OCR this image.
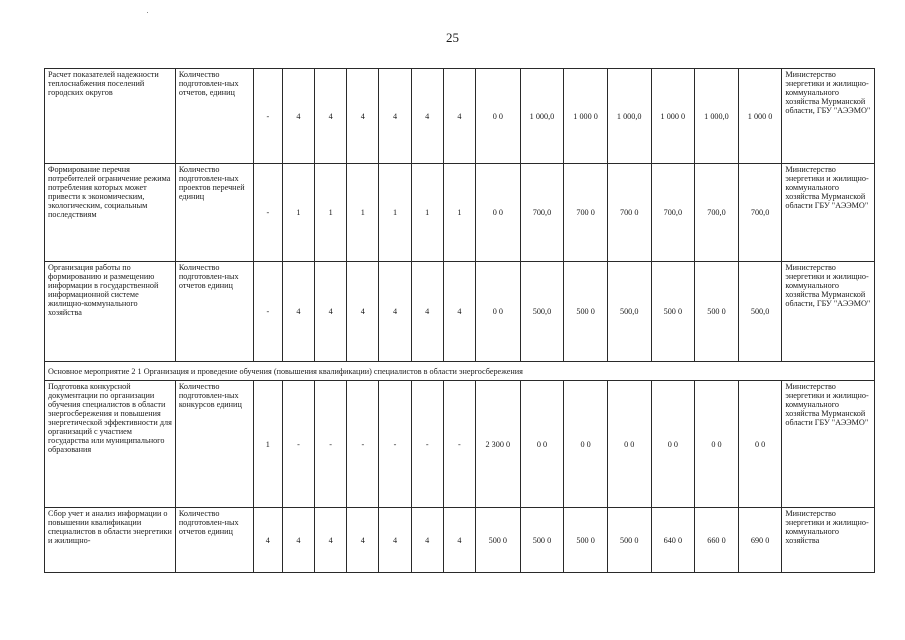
25
Расчет показателей надежности теплоснабжения поселений городских округов	Количество подготовлен-ных отчетов, единиц	-	4	4	4	4	4	4	0 0	1 000,0	1 000 0	1 000,0	1 000 0	1 000,0	1 000 0	Министерство энергетики и жилищно-коммунального хозяйства Мурманской области, ГБУ "АЭЭМО"
Формирование перечня потребителей ограничение режима потребления которых может привести к экономическим, экологическим, социальным последствиям	Количество подготовлен-ных проектов перечней единиц	-	1	1	1	1	1	1	0 0	700,0	700 0	700 0	700,0	700,0	700,0	Министерство энергетики и жилищно-коммунального хозяйства Мурманской области ГБУ "АЭЭМО"
Организация работы по формированию и размещению информации в государственной информационной системе жилищно-коммунального хозяйства	Количество подготовлен-ных отчетов единиц	-	4	4	4	4	4	4	0 0	500,0	500 0	500,0	500 0	500 0	500,0	Министерство энергетики и жилищно-коммунального хозяйства Мурманской области, ГБУ "АЭЭМО"
Основное мероприятие 2 1 Организация и проведение обучения (повышения квалификации) специалистов в области энергосбережения																
Подготовка конкурсной документации по организации обучения специалистов в области энергосбережения и повышения энергетической эффективности для организаций с участием государства или муниципального образования	Количество подготовлен-ных конкурсов единиц	1	-	-	-	-	-	-	2 300 0	0 0	0 0	0 0	0 0	0 0	0 0	Министерство энергетики и жилищно-коммунального хозяйства Мурманской области ГБУ "АЭЭМО"
Сбор учет и анализ информации о повышении квалификации специалистов в области энергетики и жилищно-	Количество подготовлен-ных отчетов единиц	4	4	4	4	4	4	4	500 0	500 0	500 0	500 0	640 0	660 0	690 0	Министерство энергетики и жилищно-коммунального хозяйства
